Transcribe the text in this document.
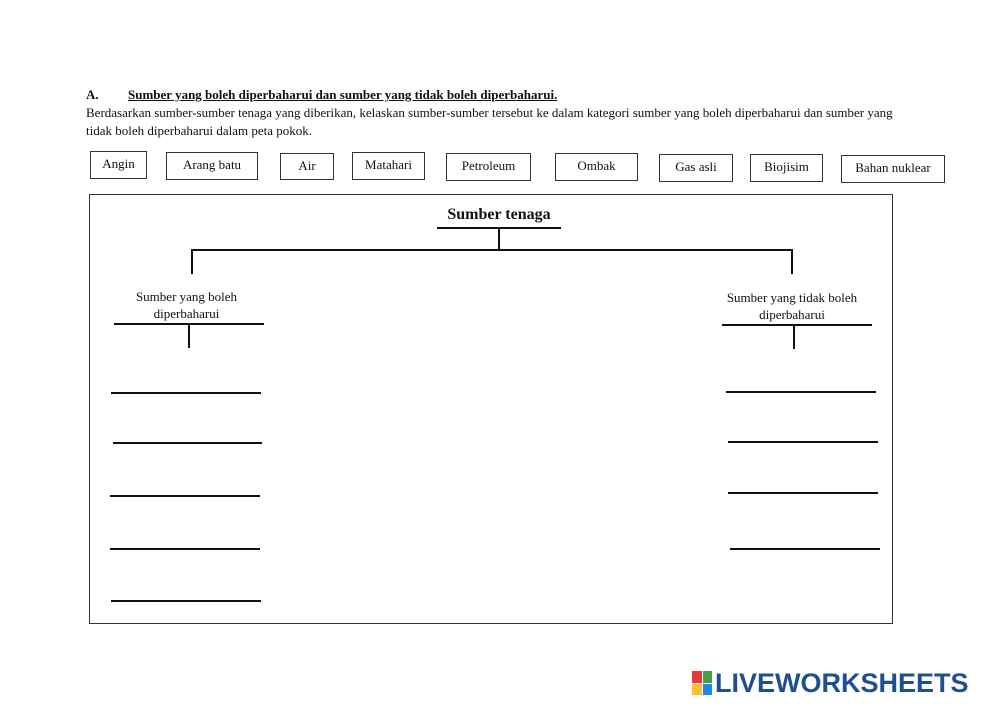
A. Sumber yang boleh diperbaharui dan sumber yang tidak boleh diperbaharui.
Berdasarkan sumber-sumber tenaga yang diberikan, kelaskan sumber-sumber tersebut ke dalam kategori sumber yang boleh diperbaharui dan sumber yang tidak boleh diperbaharui dalam peta pokok.
Angin	Arang batu	Air	Matahari	Petroleum	Ombak	Gas asli	Biojisim	Bahan nuklear
Sumber tenaga
Sumber yang boleh diperbaharui
Sumber yang tidak boleh diperbaharui
LIVEWORKSHEETS
